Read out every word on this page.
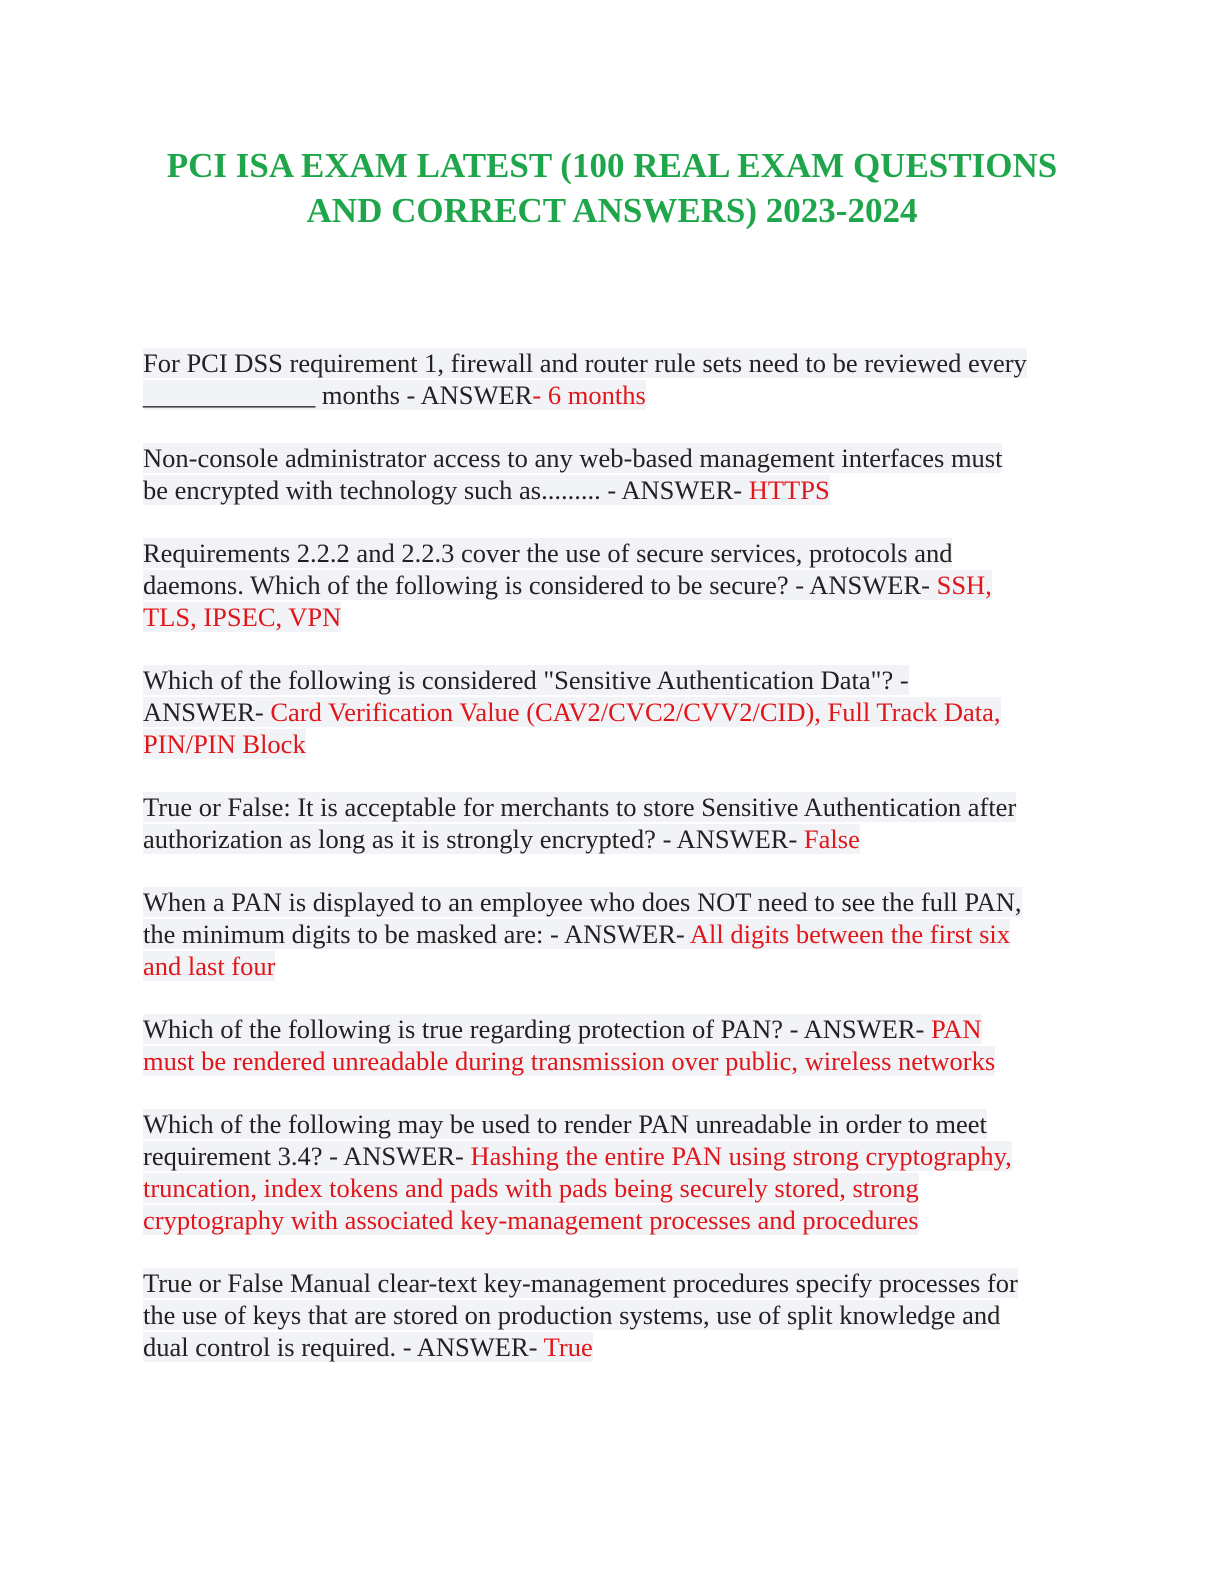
PCI ISA EXAM LATEST (100 REAL EXAM QUESTIONS
AND CORRECT ANSWERS) 2023-2024

For PCI DSS requirement 1, firewall and router rule sets need to be reviewed every
_____________ months - ANSWER- 6 months

Non-console administrator access to any web-based management interfaces must
be encrypted with technology such as......... - ANSWER- HTTPS

Requirements 2.2.2 and 2.2.3 cover the use of secure services, protocols and
daemons. Which of the following is considered to be secure? - ANSWER- SSH,
TLS, IPSEC, VPN

Which of the following is considered "Sensitive Authentication Data"? -
ANSWER- Card Verification Value (CAV2/CVC2/CVV2/CID), Full Track Data,
PIN/PIN Block

True or False: It is acceptable for merchants to store Sensitive Authentication after
authorization as long as it is strongly encrypted? - ANSWER- False

When a PAN is displayed to an employee who does NOT need to see the full PAN,
the minimum digits to be masked are: - ANSWER- All digits between the first six
and last four

Which of the following is true regarding protection of PAN? - ANSWER- PAN
must be rendered unreadable during transmission over public, wireless networks

Which of the following may be used to render PAN unreadable in order to meet
requirement 3.4? - ANSWER- Hashing the entire PAN using strong cryptography,
truncation, index tokens and pads with pads being securely stored, strong
cryptography with associated key-management processes and procedures

True or False Manual clear-text key-management procedures specify processes for
the use of keys that are stored on production systems, use of split knowledge and
dual control is required. - ANSWER- True
